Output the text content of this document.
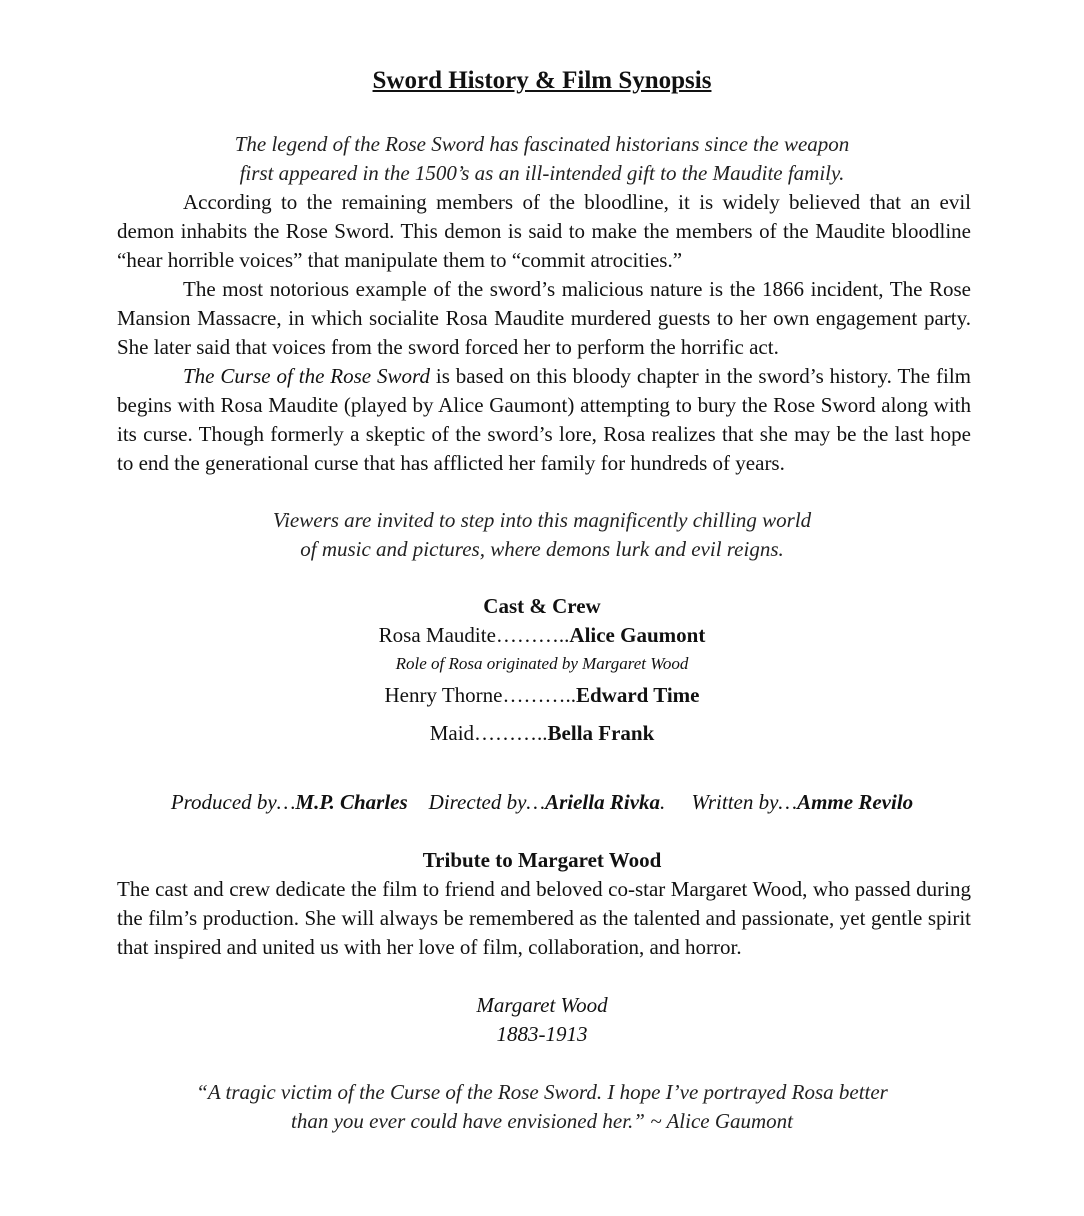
Sword History & Film Synopsis
The legend of the Rose Sword has fascinated historians since the weapon
first appeared in the 1500’s as an ill-intended gift to the Maudite family.

According to the remaining members of the bloodline, it is widely believed that an evil demon inhabits the Rose Sword. This demon is said to make the members of the Maudite bloodline “hear horrible voices” that manipulate them to “commit atrocities.”

The most notorious example of the sword’s malicious nature is the 1866 incident, The Rose Mansion Massacre, in which socialite Rosa Maudite murdered guests to her own engagement party. She later said that voices from the sword forced her to perform the horrific act.

The Curse of the Rose Sword is based on this bloody chapter in the sword’s history. The film begins with Rosa Maudite (played by Alice Gaumont) attempting to bury the Rose Sword along with its curse. Though formerly a skeptic of the sword’s lore, Rosa realizes that she may be the last hope to end the generational curse that has afflicted her family for hundreds of years.

Viewers are invited to step into this magnificently chilling world
of music and pictures, where demons lurk and evil reigns.
Cast & Crew
Rosa Maudite………..Alice Gaumont
Role of Rosa originated by Margaret Wood
Henry Thorne………..Edward Time
Maid………..Bella Frank
Produced by…M.P. Charles Directed by…Ariella Rivka. Written by…Amme Revilo
Tribute to Margaret Wood

The cast and crew dedicate the film to friend and beloved co-star Margaret Wood, who passed during the film’s production. She will always be remembered as the talented and passionate, yet gentle spirit that inspired and united us with her love of film, collaboration, and horror.

Margaret Wood
1883-1913
“A tragic victim of the Curse of the Rose Sword. I hope I’ve portrayed Rosa better
than you ever could have envisioned her.” ~ Alice Gaumont
